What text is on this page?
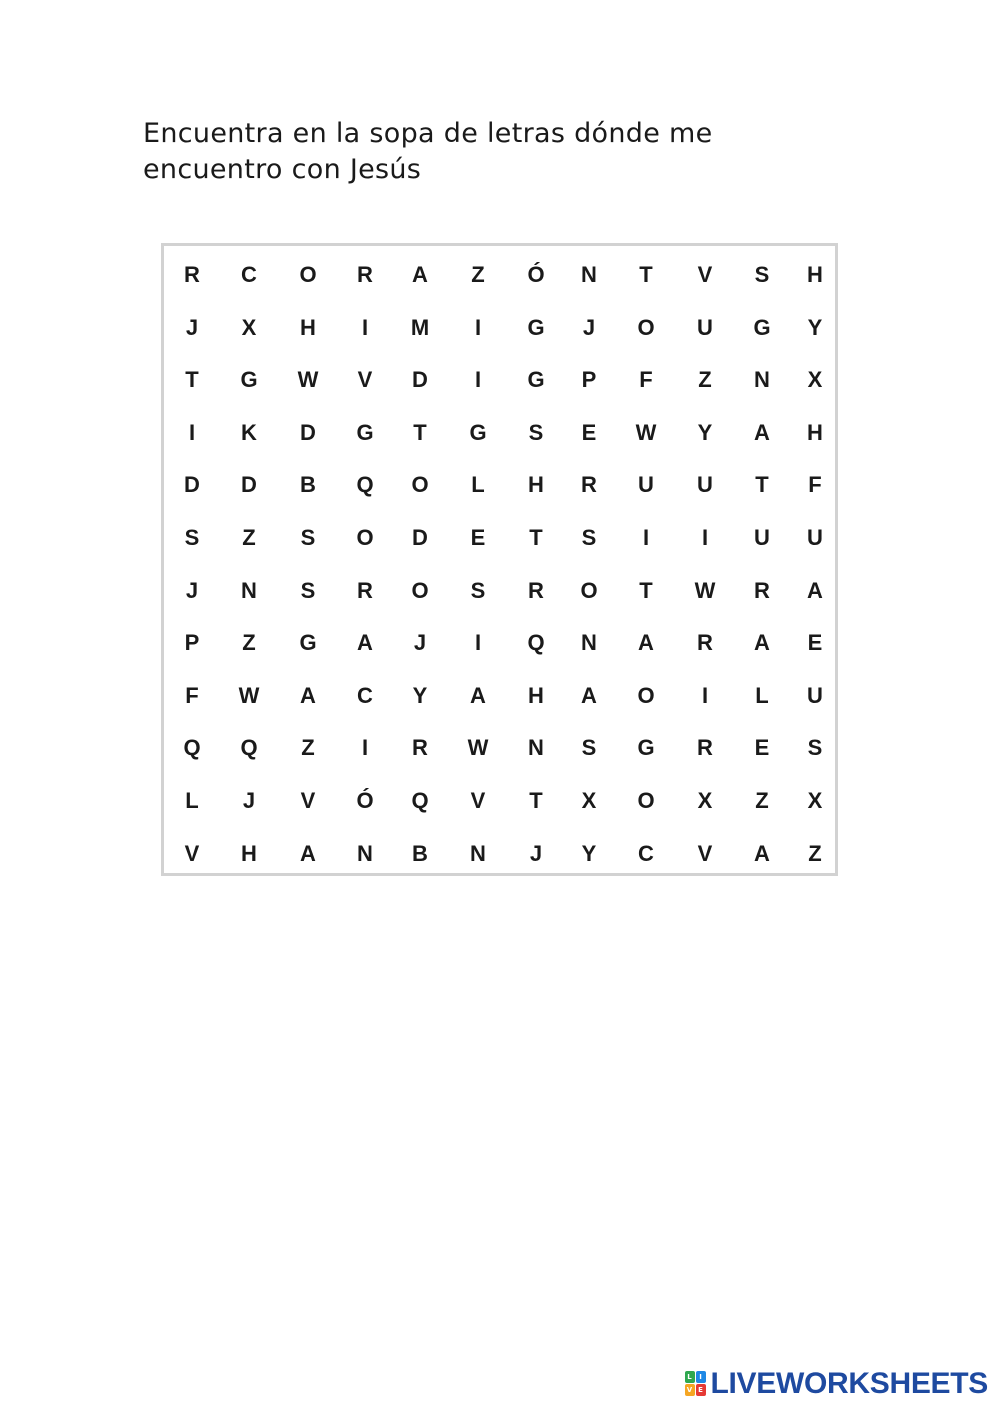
Encuentra en la sopa de letras dónde me
encuentro con Jesús
R	C	O	R	A	Z	Ó	N	T	V	S	H
J	X	H	I	M	I	G	J	O	U	G	Y
T	G	W	V	D	I	G	P	F	Z	N	X
I	K	D	G	T	G	S	E	W	Y	A	H
D	D	B	Q	O	L	H	R	U	U	T	F
S	Z	S	O	D	E	T	S	I	I	U	U
J	N	S	R	O	S	R	O	T	W	R	A
P	Z	G	A	J	I	Q	N	A	R	A	E
F	W	A	C	Y	A	H	A	O	I	L	U
Q	Q	Z	I	R	W	N	S	G	R	E	S
L	J	V	Ó	Q	V	T	X	O	X	Z	X
V	H	A	N	B	N	J	Y	C	V	A	Z
L	I
V E LIVEWORKSHEETS
